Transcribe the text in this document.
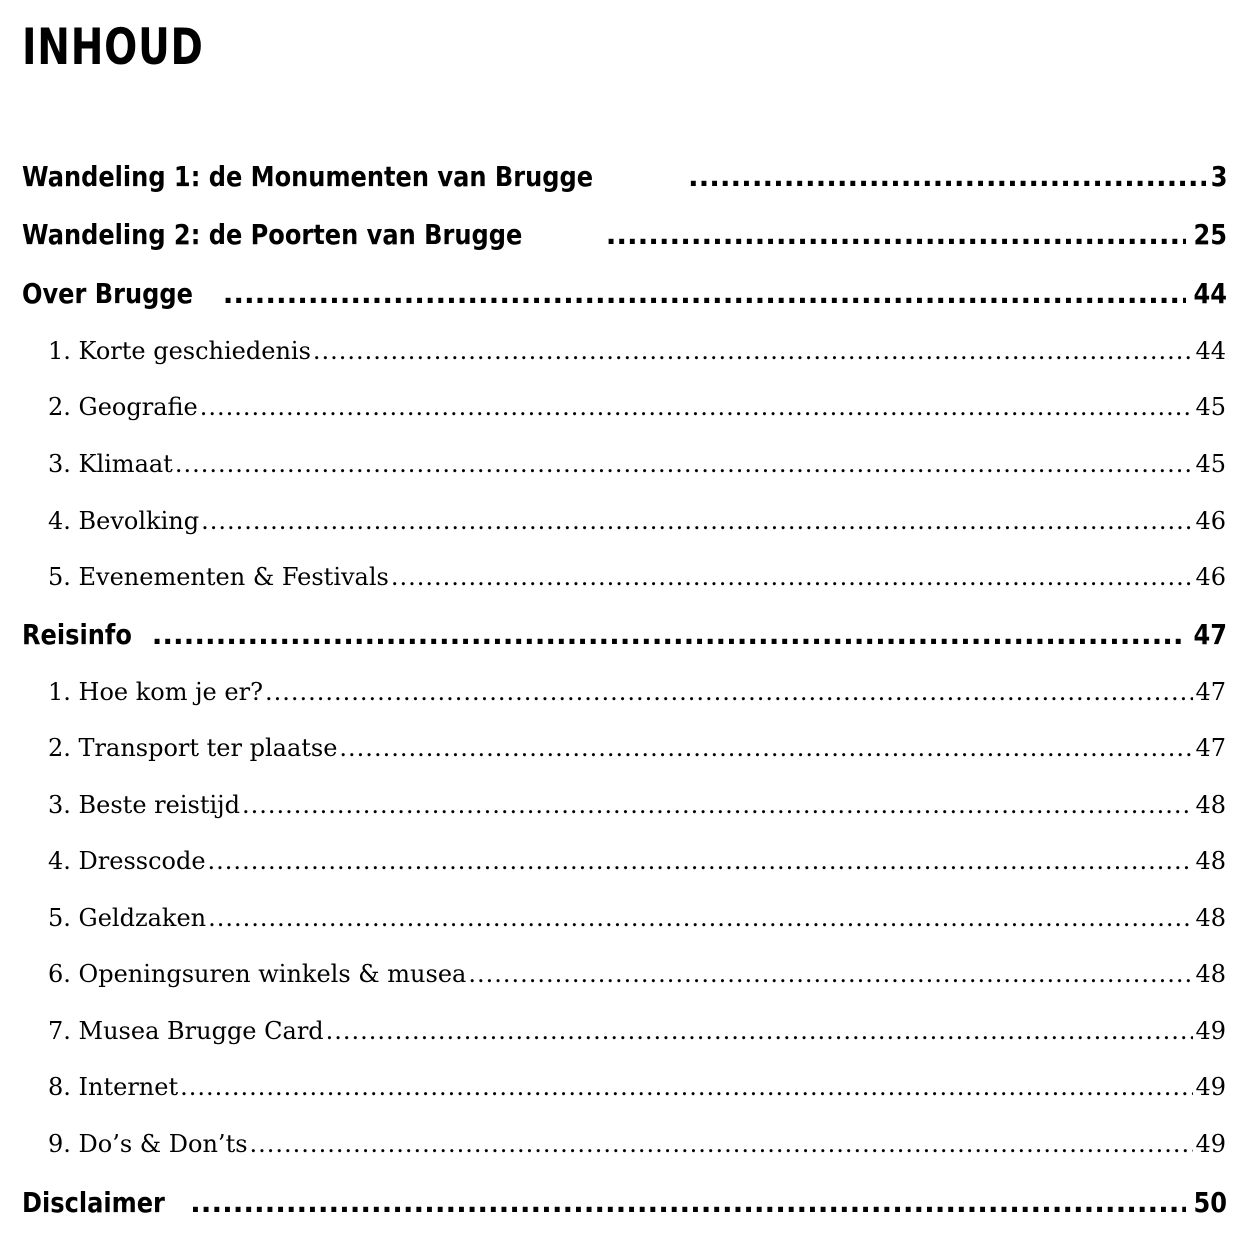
INHOUD
Wandeling 1: de Monumenten van Brugge .....	3
Wandeling 2: de Poorten van Brugge .....	25
Over Brugge .....	44
1. Korte geschiedenis .....	44
2. Geografie .....	45
3. Klimaat .....	45
4. Bevolking .....	46
5. Evenementen & Festivals .....	46
Reisinfo .....	47
1. Hoe kom je er? .....	47
2. Transport ter plaatse .....	47
3. Beste reistijd .....	48
4. Dresscode .....	48
5. Geldzaken .....	48
6. Openingsuren winkels & musea .....	48
7. Musea Brugge Card .....	49
8. Internet .....	49
9. Do’s & Don’ts .....	49
Disclaimer .....	50
